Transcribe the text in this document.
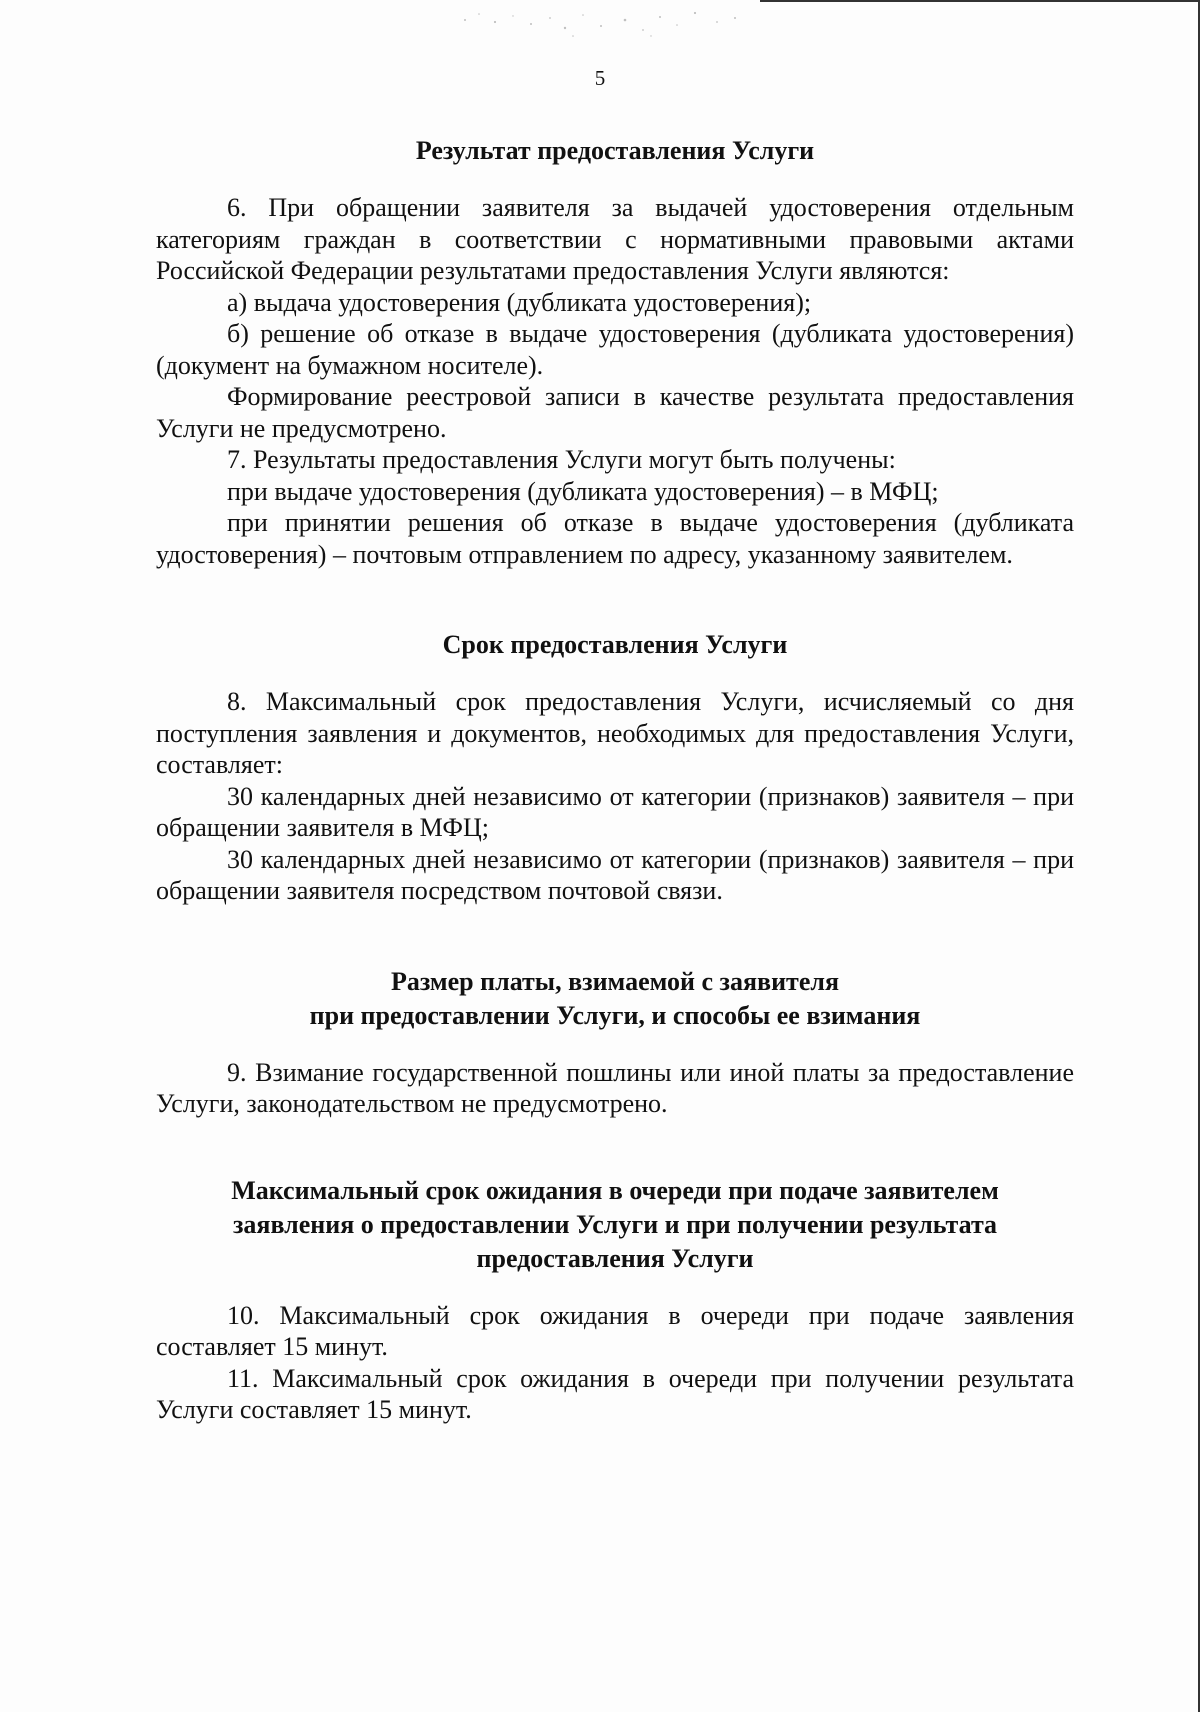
5
Результат предоставления Услуги

6. При обращении заявителя за выдачей удостоверения отдельным категориям граждан в соответствии с нормативными правовыми актами Российской Федерации результатами предоставления Услуги являются:

а) выдача удостоверения (дубликата удостоверения);

б) решение об отказе в выдаче удостоверения (дубликата удостоверения) (документ на бумажном носителе).

Формирование реестровой записи в качестве результата предоставления Услуги не предусмотрено.

7. Результаты предоставления Услуги могут быть получены:

при выдаче удостоверения (дубликата удостоверения) – в МФЦ;

при принятии решения об отказе в выдаче удостоверения (дубликата удостоверения) – почтовым отправлением по адресу, указанному заявителем.

Срок предоставления Услуги

8. Максимальный срок предоставления Услуги, исчисляемый со дня поступления заявления и документов, необходимых для предоставления Услуги, составляет:

30 календарных дней независимо от категории (признаков) заявителя – при обращении заявителя в МФЦ;

30 календарных дней независимо от категории (признаков) заявителя – при обращении заявителя посредством почтовой связи.

Размер платы, взимаемой с заявителя
при предоставлении Услуги, и способы ее взимания

9. Взимание государственной пошлины или иной платы за предоставление Услуги, законодательством не предусмотрено.

Максимальный срок ожидания в очереди при подаче заявителем
заявления о предоставлении Услуги и при получении результата
предоставления Услуги

10. Максимальный срок ожидания в очереди при подаче заявления составляет 15 минут.

11. Максимальный срок ожидания в очереди при получении результата Услуги составляет 15 минут.
